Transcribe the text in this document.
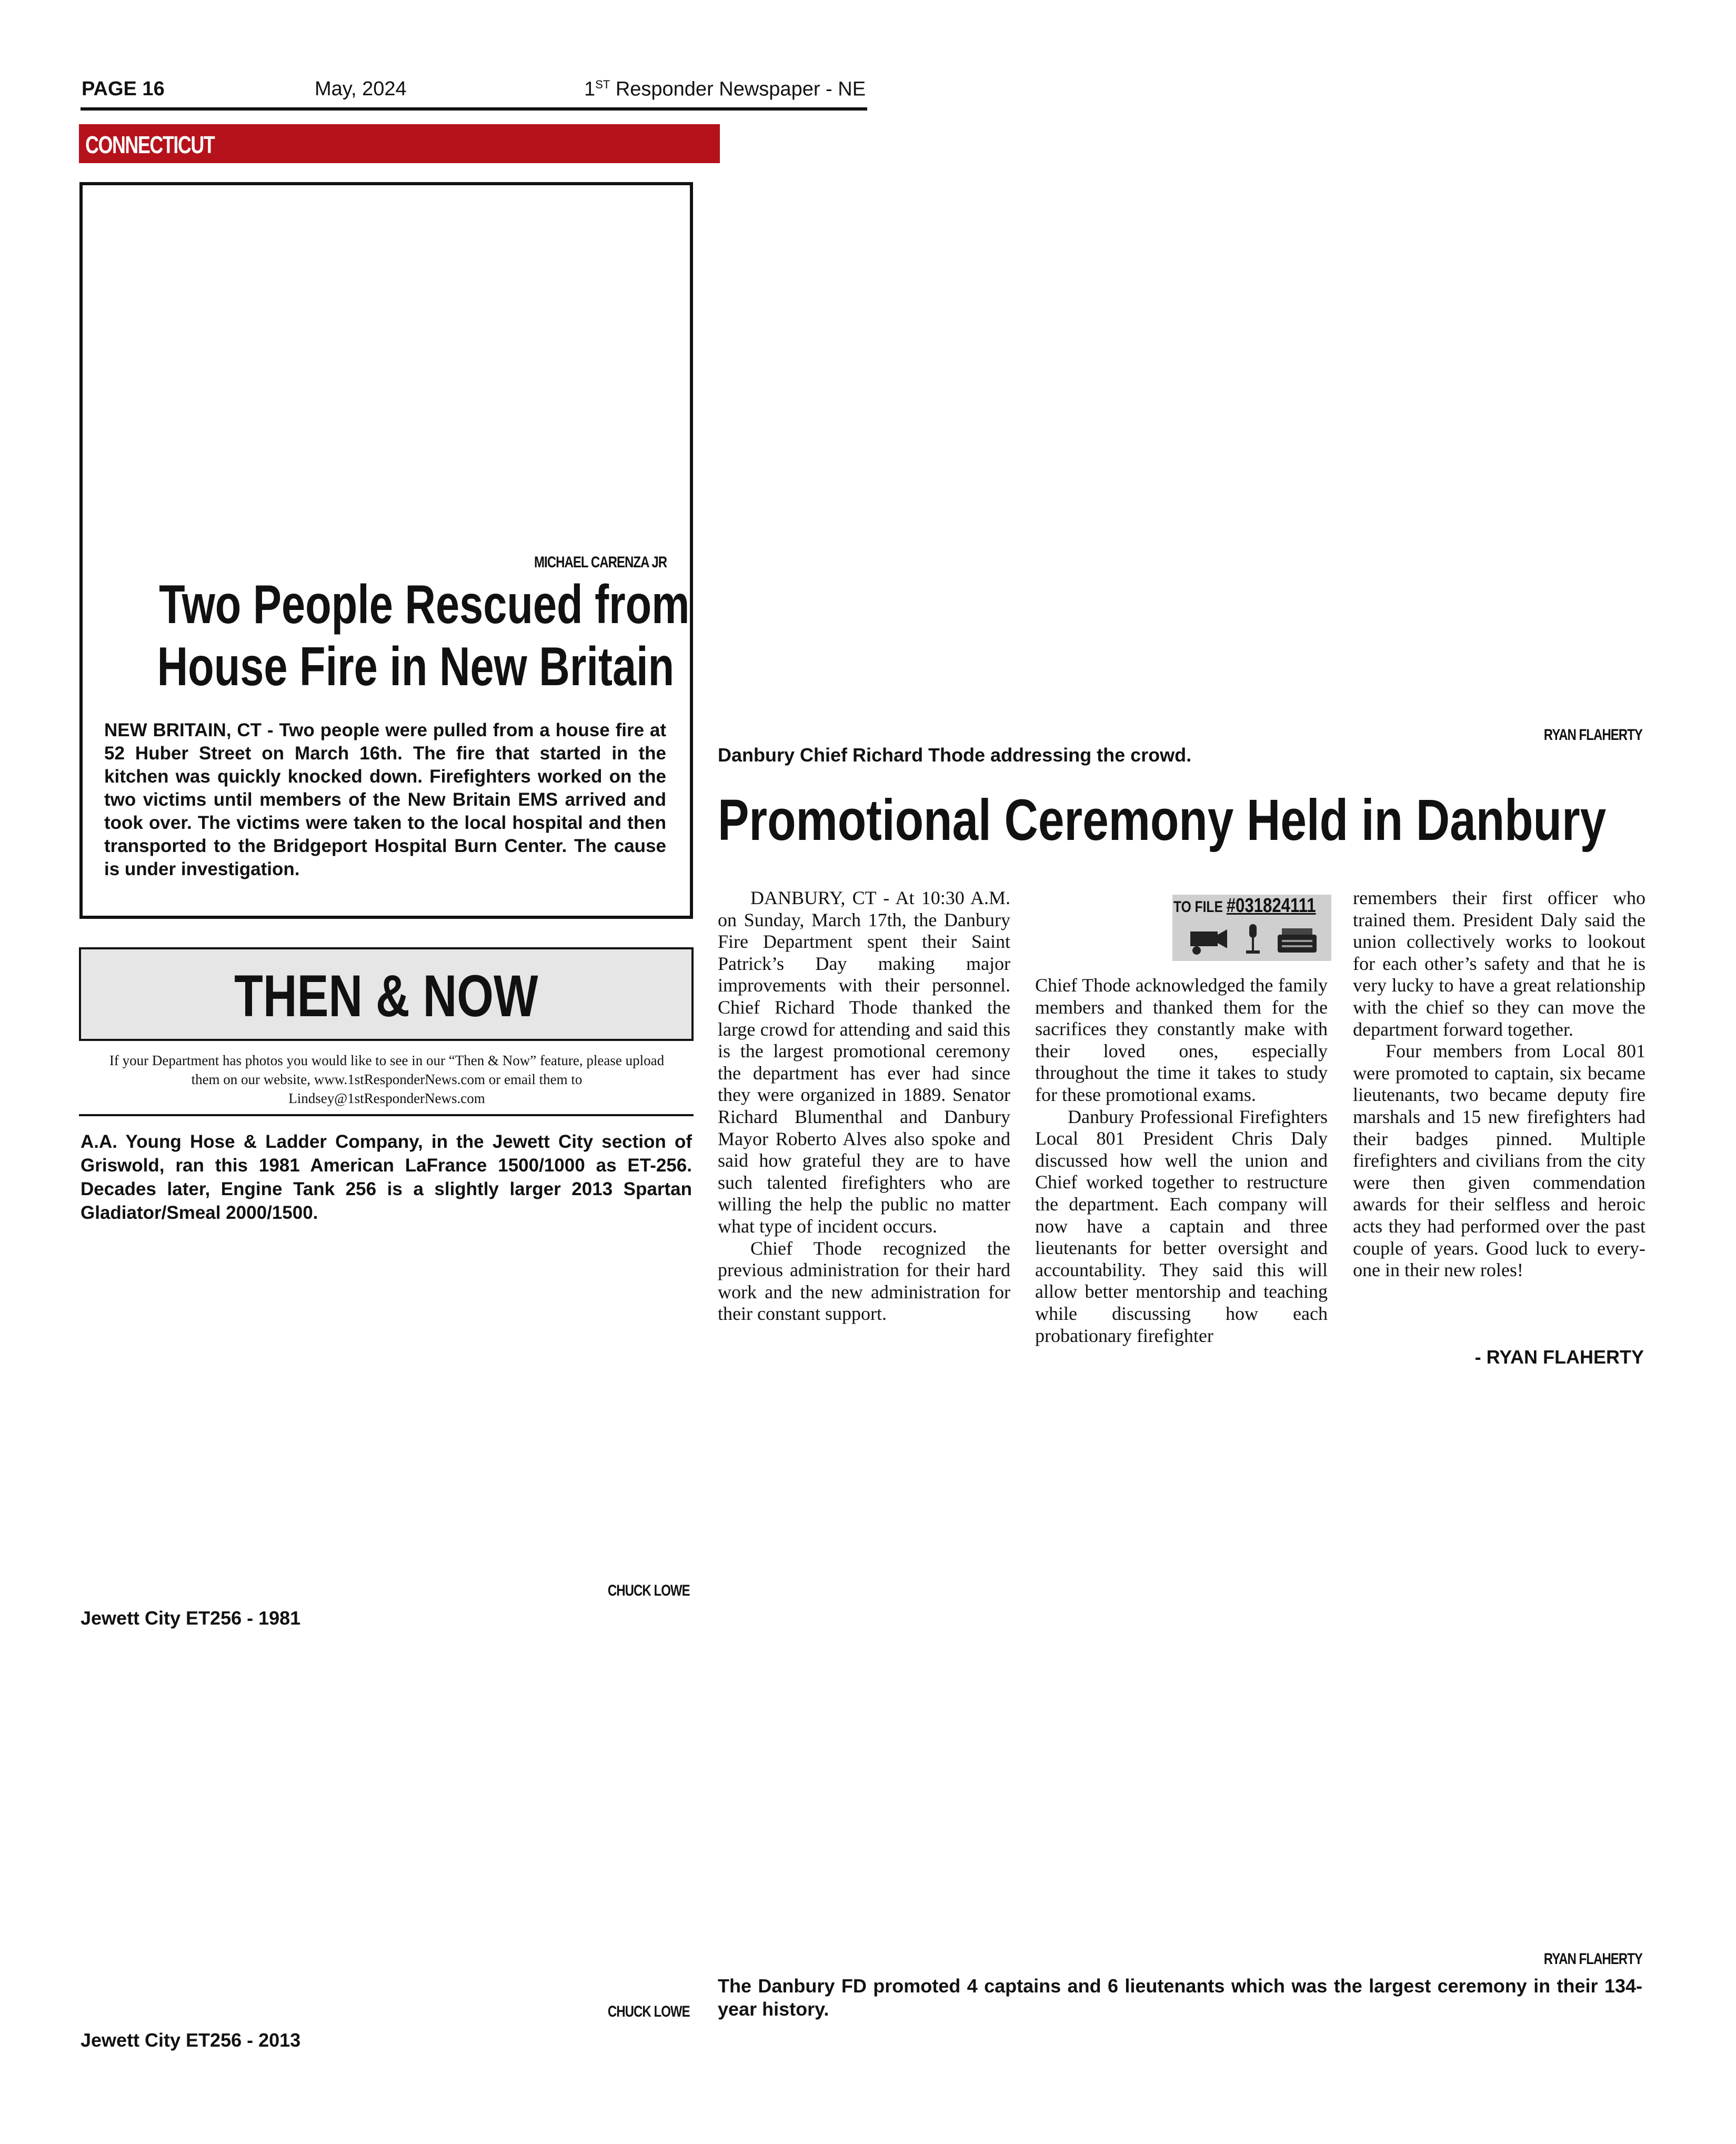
PAGE 16	May, 2024	1ST Responder Newspaper - NE
CONNECTICUT
MICHAEL CARENZA JR
Two People Rescued from
House Fire in New Britain
NEW BRITAIN, CT - Two people were pulled from a house fire at 52 Huber Street on March 16th. The fire that started in the kitchen was quickly knocked down. Firefighters worked on the two victims until members of the New Britain EMS arrived and took over. The victims were taken to the local hospital and then transported to the Bridgeport Hospital Burn Center. The cause is under investigation.
THEN & NOW
If your Department has photos you would like to see in our “Then & Now” feature, please upload
them on our website, www.1stResponderNews.com or email them to
Lindsey@1stResponderNews.com
A.A. Young Hose & Ladder Company, in the Jewett City section of Griswold, ran this 1981 American LaFrance 1500/1000 as ET-256. Decades later, Engine Tank 256 is a slightly larger 2013 Spartan Gladiator/Smeal 2000/1500.
CHUCK LOWE
Jewett City ET256 - 1981
CHUCK LOWE
Jewett City ET256 - 2013
RYAN FLAHERTY
Danbury Chief Richard Thode addressing the crowd.
Promotional Ceremony Held in Danbury

DANBURY, CT - At 10:30 A.M. on Sunday, March 17th, the Danbury Fire Department spent their Saint Patrick’s Day making major improvements with their personnel. Chief Richard Thode thanked the large crowd for attending and said this is the largest promotional ceremony the department has ever had since they were organized in 1889. Senator Richard Blumenthal and Danbury Mayor Roberto Alves also spoke and said how grateful they are to have such talented firefighters who are willing the help the public no matter what type of incident occurs.

Chief Thode recognized the previous administration for their hard work and the new administration for their constant support.

TO FILE #031824111

Chief Thode acknowledged the family members and thanked them for the sacrifices they constantly make with their loved ones, especially throughout the time it takes to study for these promotional exams.

Danbury Professional Firefighters Local 801 President Chris Daly discussed how well the union and Chief worked together to restructure the department. Each company will now have a captain and three lieutenants for better oversight and accountability. They said this will allow better mentorship and teaching while discussing how each probationary firefighter

remembers their first officer who trained them. President Daly said the union collectively works to lookout for each other’s safety and that he is very lucky to have a great relationship with the chief so they can move the department forward together.

Four members from Local 801 were promoted to captain, six became lieutenants, two became deputy fire marshals and 15 new firefighters had their badges pinned. Multiple firefighters and civilians from the city were then given commendation awards for their selfless and heroic acts they had performed over the past couple of years. Good luck to everyone in their new roles!

- RYAN FLAHERTY
RYAN FLAHERTY
The Danbury FD promoted 4 captains and 6 lieutenants which was the largest ceremony in their 134-year history.
